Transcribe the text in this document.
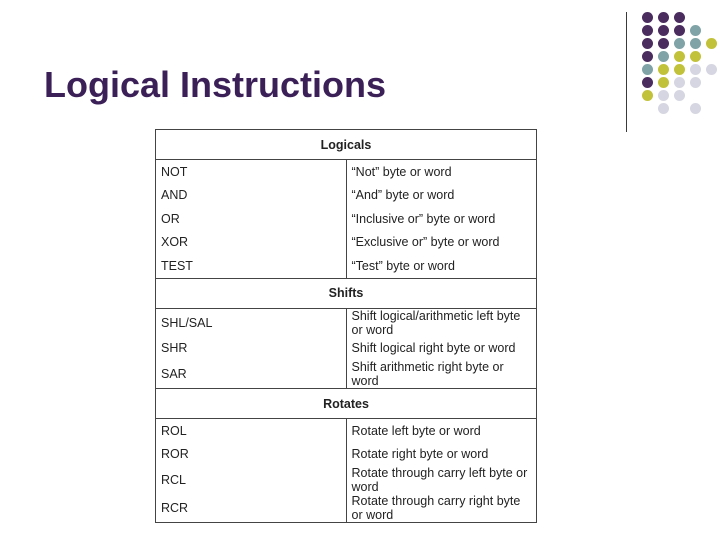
Logical Instructions
Logicals	
NOT	“Not” byte or word
AND	“And” byte or word
OR	“Inclusive or” byte or word
XOR	“Exclusive or” byte or word
TEST	“Test” byte or word
Shifts	
SHL/SAL	Shift logical/arithmetic left byte or word
SHR	Shift logical right byte or word
SAR	Shift arithmetic right byte or word
Rotates	
ROL	Rotate left byte or word
ROR	Rotate right byte or word
RCL	Rotate through carry left byte or word
RCR	Rotate through carry right byte or word
